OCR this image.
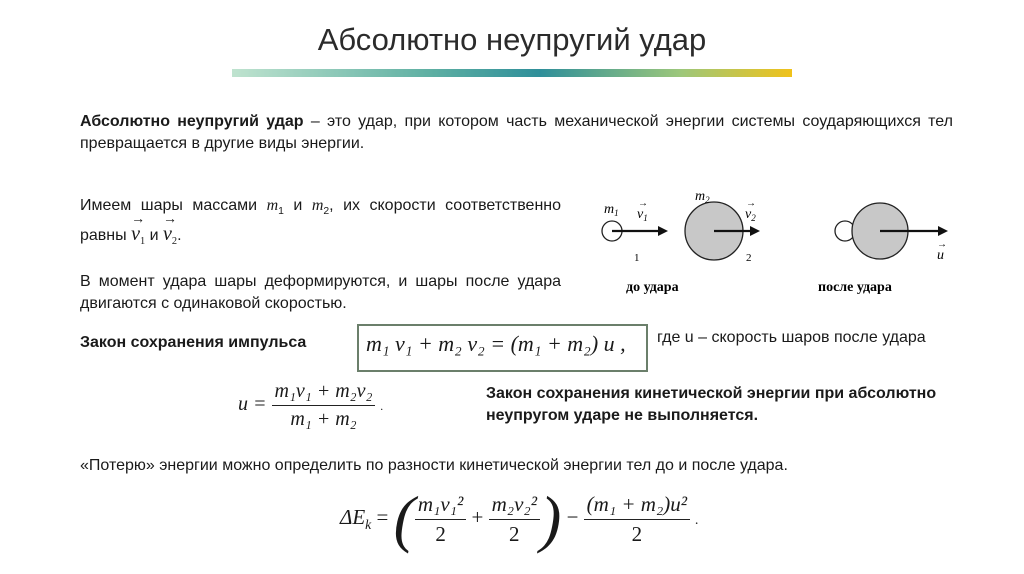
Абсолютно неупругий удар
Абсолютно неупругий удар – это удар, при котором часть механической энергии системы соударяющихся тел превращается в другие виды энергии.
Имеем шары массами $m_1$ и $m_2$, их скорости соответственно равны → $v_1$ $и \to v_2$.
В момент удара шары деформируются, и шары после удара двигаются с одинаковой скоростью.
$m_1$ $v_1$
→	$m_2$
$v_2$
→
1	2
до удара
u
→
после удара
Закон сохранения импульса	m₁ v₁ + m₂ v₂ = (m₁ + m₂) u , где u – скорость шаров после удара
$u = \frac{\text{m₁v₁ + m₂v₂}}{\text{m₁ + m₂}}$ .
Закон сохранения кинетической энергии при абсолютно неупругом ударе не выполняется.
«Потерю» энергии можно определить по разности кинетической энергии тел до и после удара.
$\Delta E_k$ = ( $\frac{\text{m₁v₁²}}{2} + \frac{\text{m₂v₂²}}{2}$ ) − $\frac{\text{(m₁ + m₂)u²}}{2}$ .
